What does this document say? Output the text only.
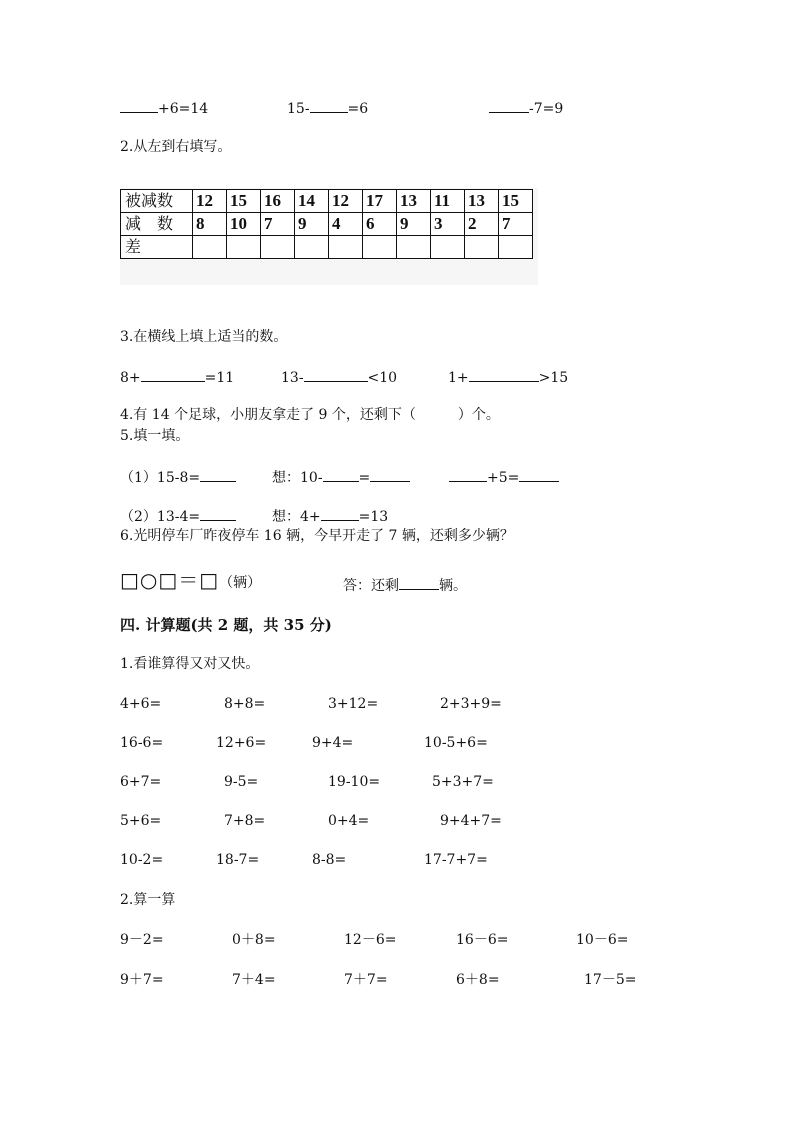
+6=14	15-	=6	-7=9
2.从左到右填写。
被减数	12	15	16	14	12	17	13	11	13	15
减　数	8	10	7	9	4	6	9	3	2	7
差										
3.在横线上填上适当的数。
8+	=11	13-	<10	1+	>15
4.有 14 个足球，小朋友拿走了 9 个，还剩下（　　　）个。
5.填一填。
（1）15-8=	想：10-	=	+5=
（2）13-4=	想：4+	=13
6.光明停车厂昨夜停车 16 辆，今早开走了 7 辆，还剩多少辆？
□○□＝□（辆）	答：还剩	辆。
四. 计算题(共 2 题，共 35 分)
1.看谁算得又对又快。
4+6=	8+8=	3+12=	2+3+9=
16-6=	12+6=	9+4=	10-5+6=
6+7=	9-5=	19-10=	5+3+7=
5+6=	7+8=	0+4=	9+4+7=
10-2=	18-7=	8-8=	17-7+7=
2.算一算
9－2=	0＋8=	12－6=	16－6=	10－6=
9＋7=	7＋4=	7＋7=	6＋8=	17－5=
